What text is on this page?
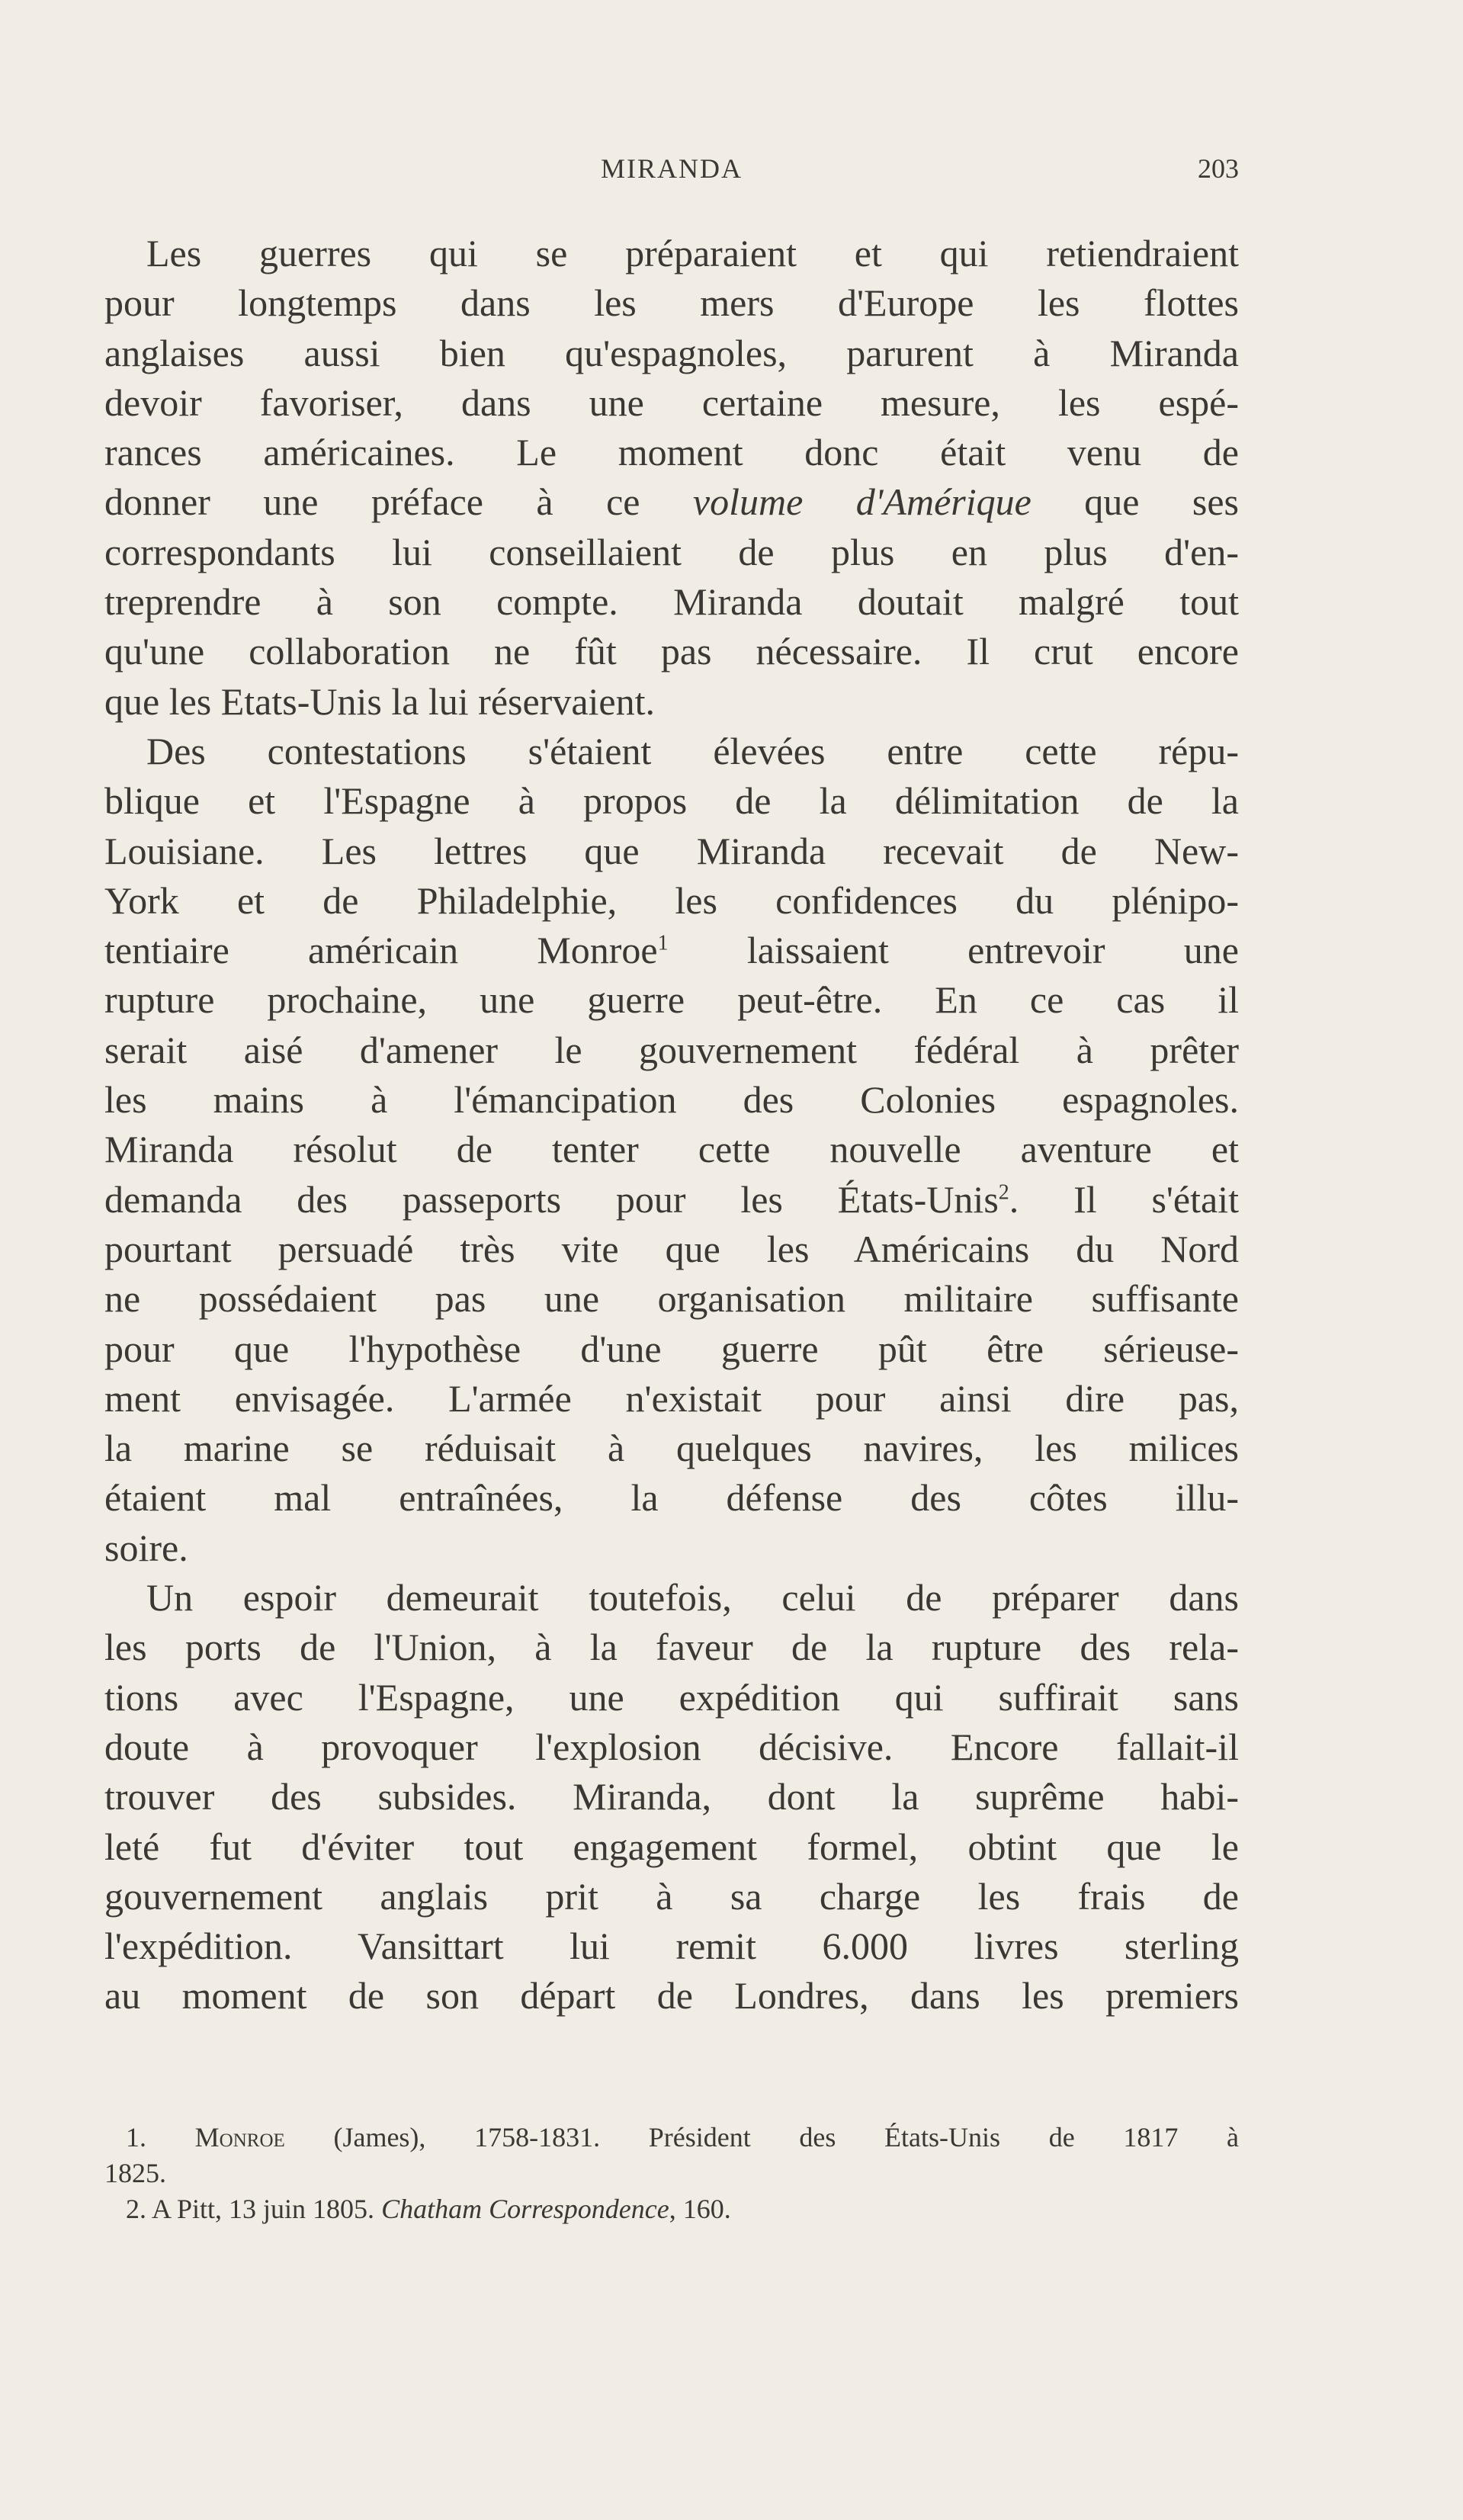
MIRANDA	203
Les guerres qui se préparaient et qui retiendraient
pour longtemps dans les mers d'Europe les flottes
anglaises aussi bien qu'espagnoles, parurent à Miranda
devoir favoriser, dans une certaine mesure, les espé-
rances américaines. Le moment donc était venu de
donner une préface à ce volume d'Amérique que ses
correspondants lui conseillaient de plus en plus d'en-
treprendre à son compte. Miranda doutait malgré tout
qu'une collaboration ne fût pas nécessaire. Il crut encore
que les Etats-Unis la lui réservaient.
Des contestations s'étaient élevées entre cette répu-
blique et l'Espagne à propos de la délimitation de la
Louisiane. Les lettres que Miranda recevait de New-
York et de Philadelphie, les confidences du plénipo-
tentiaire américain Monroe$^1$ laissaient entrevoir une
rupture prochaine, une guerre peut-être. En ce cas il
serait aisé d'amener le gouvernement fédéral à prêter
les mains à l'émancipation des Colonies espagnoles.
Miranda résolut de tenter cette nouvelle aventure et
demanda des passeports pour les États-Unis$^2$. Il s'était
pourtant persuadé très vite que les Américains du Nord
ne possédaient pas une organisation militaire suffisante
pour que l'hypothèse d'une guerre pût être sérieuse-
ment envisagée. L'armée n'existait pour ainsi dire pas,
la marine se réduisait à quelques navires, les milices
étaient mal entraînées, la défense des côtes illu-
soire.
Un espoir demeurait toutefois, celui de préparer dans
les ports de l'Union, à la faveur de la rupture des rela-
tions avec l'Espagne, une expédition qui suffirait sans
doute à provoquer l'explosion décisive. Encore fallait-il
trouver des subsides. Miranda, dont la suprême habi-
leté fut d'éviter tout engagement formel, obtint que le
gouvernement anglais prit à sa charge les frais de
l'expédition. Vansittart lui remit 6.000 livres sterling
au moment de son départ de Londres, dans les premiers
1. Monroe (James), 1758-1831. Président des États-Unis de 1817 à
1825.
2. A Pitt, 13 juin 1805. Chatham Correspondence, 160.
